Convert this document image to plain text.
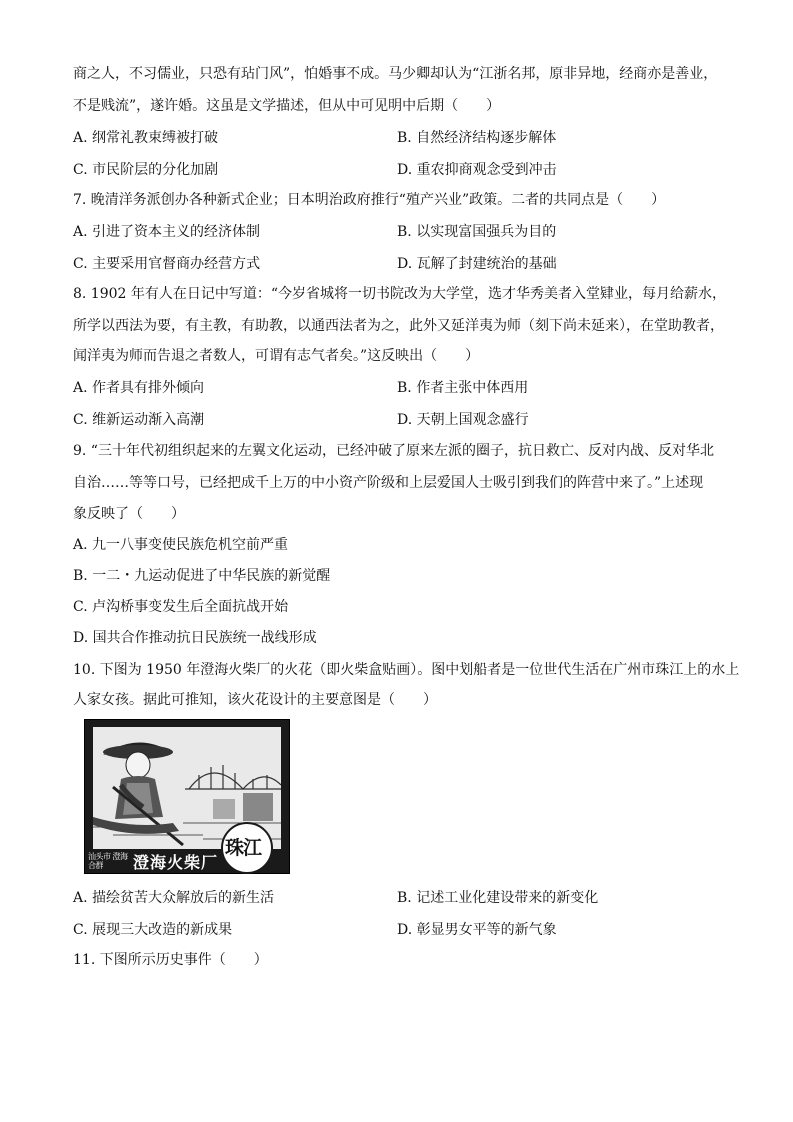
商之人，不习儒业，只恐有玷门风”，怕婚事不成。马少卿却认为“江浙名邦，原非异地，经商亦是善业，
不是贱流”，遂许婚。这虽是文学描述，但从中可见明中后期（　　）
A. 纲常礼教束缚被打破	B. 自然经济结构逐步解体
C. 市民阶层的分化加剧	D. 重农抑商观念受到冲击
7. 晚清洋务派创办各种新式企业；日本明治政府推行“殖产兴业”政策。二者的共同点是（　　）
A. 引进了资本主义的经济体制	B. 以实现富国强兵为目的
C. 主要采用官督商办经营方式	D. 瓦解了封建统治的基础
8. 1902 年有人在日记中写道：“今岁省城将一切书院改为大学堂，选才华秀美者入堂肄业，每月给薪水，
所学以西法为要，有主教，有助教，以通西法者为之，此外又延洋夷为师（刻下尚未延来），在堂助教者，
闻洋夷为师而告退之者数人，可谓有志气者矣。”这反映出（　　）
A. 作者具有排外倾向	B. 作者主张中体西用
C. 维新运动渐入高潮	D. 天朝上国观念盛行
9. “三十年代初组织起来的左翼文化运动，已经冲破了原来左派的圈子，抗日救亡、反对内战、反对华北
自治……等等口号，已经把成千上万的中小资产阶级和上层爱国人士吸引到我们的阵营中来了。”上述现
象反映了（　　）
A. 九一八事变使民族危机空前严重
B. 一二・九运动促进了中华民族的新觉醒
C. 卢沟桥事变发生后全面抗战开始
D. 国共合作推动抗日民族统一战线形成
10. 下图为 1950 年澄海火柴厂的火花（即火柴盒贴画）。图中划船者是一位世代生活在广州市珠江上的水上
人家女孩。据此可推知，该火花设计的主要意图是（　　）
汕头市 澄海合群	澄海火柴厂
珠江
A. 描绘贫苦大众解放后的新生活	B. 记述工业化建设带来的新变化
C. 展现三大改造的新成果	D. 彰显男女平等的新气象
11. 下图所示历史事件（　　）
